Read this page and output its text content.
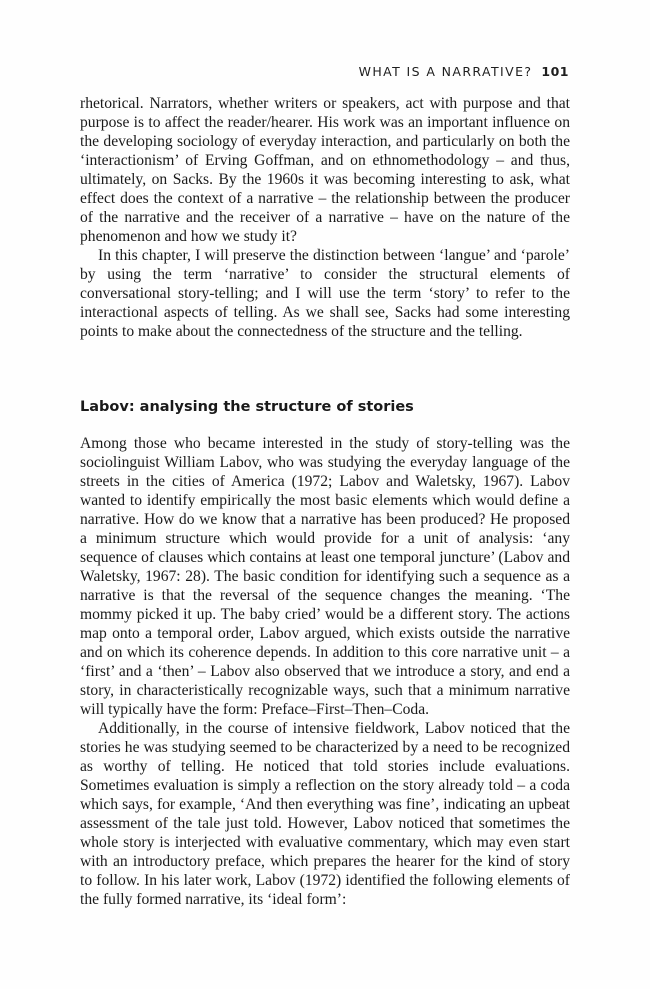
WHAT IS A NARRATIVE? 101

rhetorical. Narrators, whether writers or speakers, act with purpose and that purpose is to affect the reader/hearer. His work was an important influence on the developing sociology of everyday interaction, and particularly on both the ‘interactionism’ of Erving Goffman, and on ethnomethodology – and thus, ultimately, on Sacks. By the 1960s it was becoming interesting to ask, what effect does the context of a narrative – the relationship between the producer of the narrative and the receiver of a narrative – have on the nature of the phenomenon and how we study it?

In this chapter, I will preserve the distinction between ‘langue’ and ‘parole’ by using the term ‘narrative’ to consider the structural elements of conversational story-telling; and I will use the term ‘story’ to refer to the interactional aspects of telling. As we shall see, Sacks had some interesting points to make about the connectedness of the structure and the telling.

Labov: analysing the structure of stories

Among those who became interested in the study of story-telling was the sociolinguist William Labov, who was studying the everyday language of the streets in the cities of America (1972; Labov and Waletsky, 1967). Labov wanted to identify empirically the most basic elements which would define a narrative. How do we know that a narrative has been produced? He proposed a minimum structure which would provide for a unit of analysis: ‘any sequence of clauses which contains at least one temporal juncture’ (Labov and Waletsky, 1967: 28). The basic condition for identifying such a sequence as a narrative is that the reversal of the sequence changes the meaning. ‘The mommy picked it up. The baby cried’ would be a different story. The actions map onto a temporal order, Labov argued, which exists outside the narrative and on which its coherence depends. In addition to this core narrative unit – a ‘first’ and a ‘then’ – Labov also observed that we introduce a story, and end a story, in characteristically recognizable ways, such that a minimum narrative will typically have the form: Preface–First–Then–Coda.

Additionally, in the course of intensive fieldwork, Labov noticed that the stories he was studying seemed to be characterized by a need to be recognized as worthy of telling. He noticed that told stories include evaluations. Sometimes evaluation is simply a reflection on the story already told – a coda which says, for example, ‘And then everything was fine’, indicating an upbeat assessment of the tale just told. However, Labov noticed that sometimes the whole story is interjected with evaluative commentary, which may even start with an introductory preface, which prepares the hearer for the kind of story to follow. In his later work, Labov (1972) identified the following elements of the fully formed narrative, its ‘ideal form’:
